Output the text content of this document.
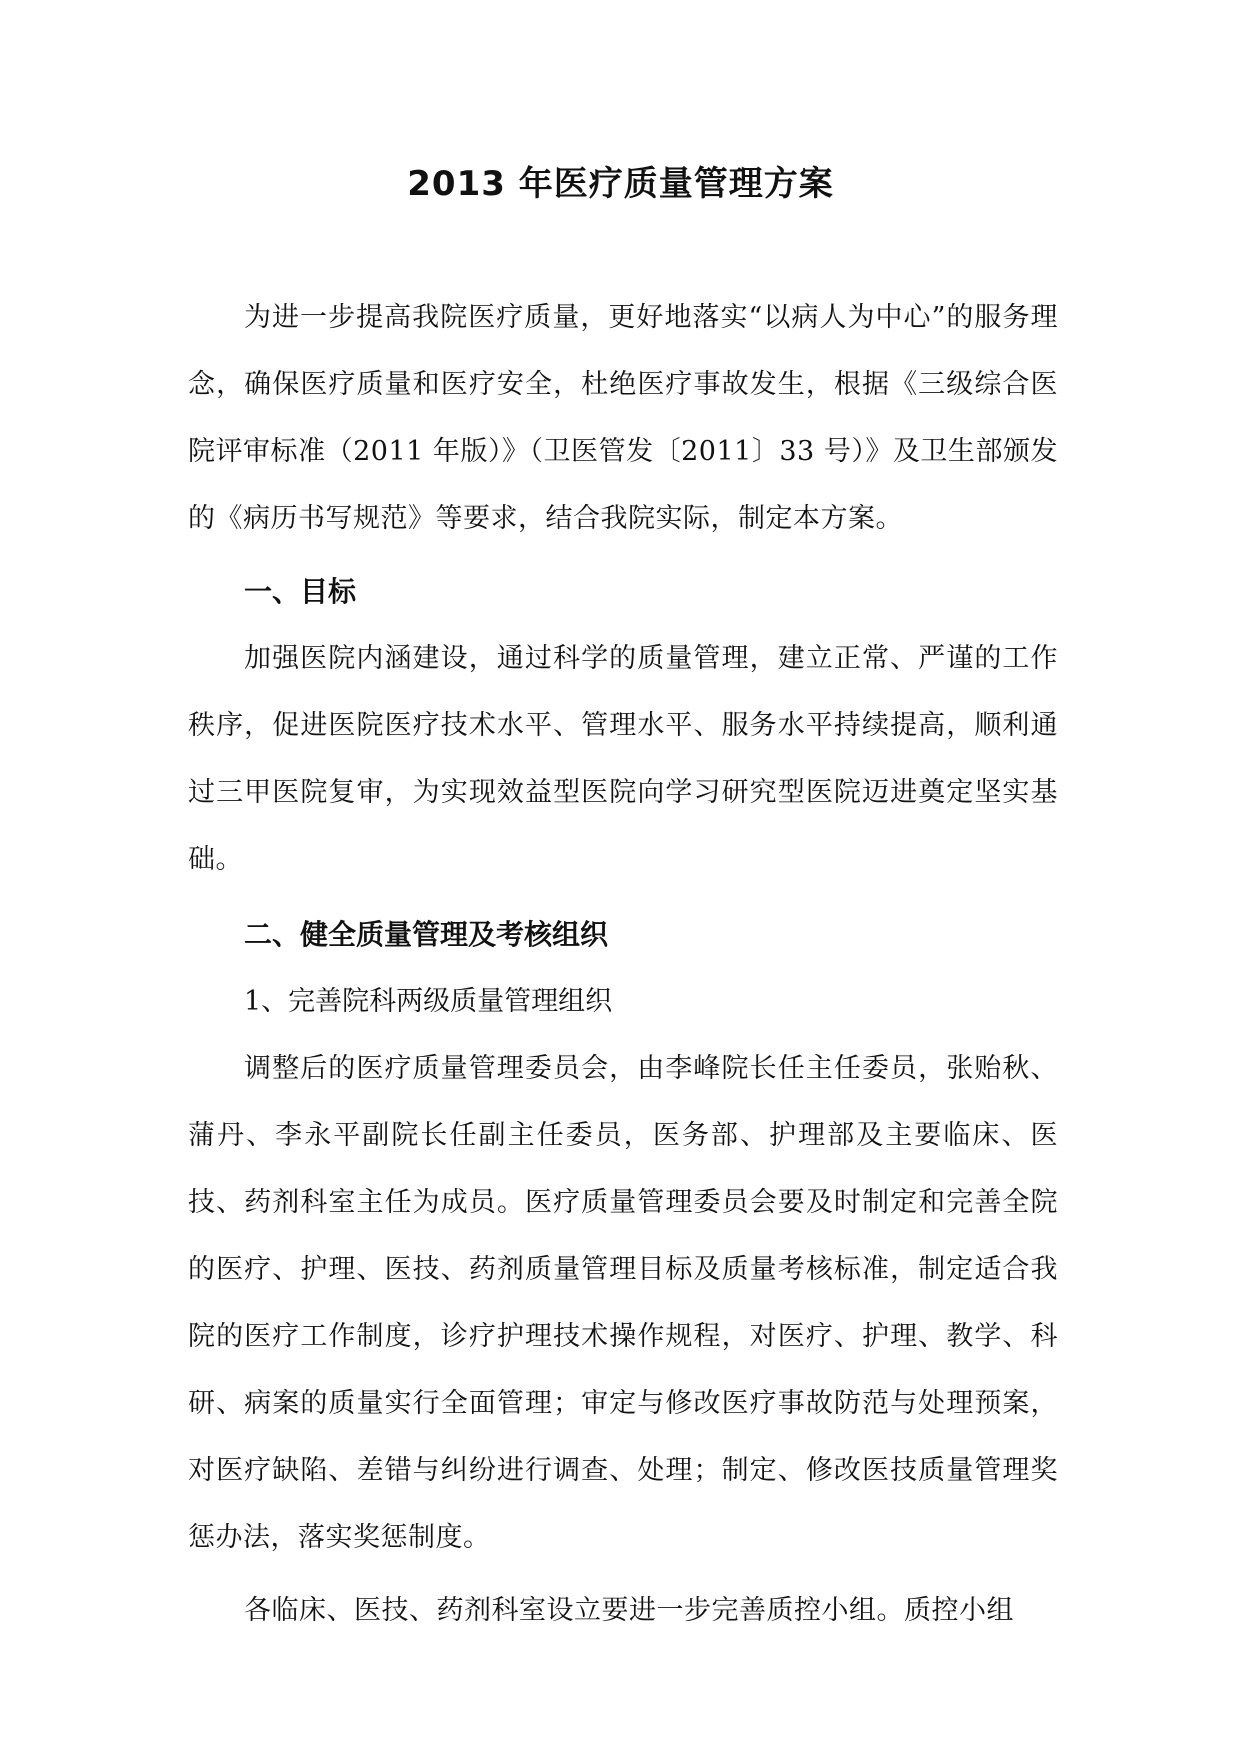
2013 年医疗质量管理方案

为进一步提高我院医疗质量，更好地落实“以病人为中心”的服务理念，确保医疗质量和医疗安全，杜绝医疗事故发生，根据《三级综合医院评审标准（2011 年版）》（卫医管发〔2011〕33 号）》及卫生部颁发的《病历书写规范》等要求，结合我院实际，制定本方案。

一、目标

加强医院内涵建设，通过科学的质量管理，建立正常、严谨的工作秩序，促进医院医疗技术水平、管理水平、服务水平持续提高，顺利通过三甲医院复审，为实现效益型医院向学习研究型医院迈进奠定坚实基础。

二、健全质量管理及考核组织

1、完善院科两级质量管理组织

调整后的医疗质量管理委员会，由李峰院长任主任委员，张贻秋、蒲丹、李永平副院长任副主任委员，医务部、护理部及主要临床、医技、药剂科室主任为成员。医疗质量管理委员会要及时制定和完善全院的医疗、护理、医技、药剂质量管理目标及质量考核标准，制定适合我院的医疗工作制度，诊疗护理技术操作规程，对医疗、护理、教学、科研、病案的质量实行全面管理；审定与修改医疗事故防范与处理预案，对医疗缺陷、差错与纠纷进行调查、处理；制定、修改医技质量管理奖惩办法，落实奖惩制度。

各临床、医技、药剂科室设立要进一步完善质控小组。质控小组
